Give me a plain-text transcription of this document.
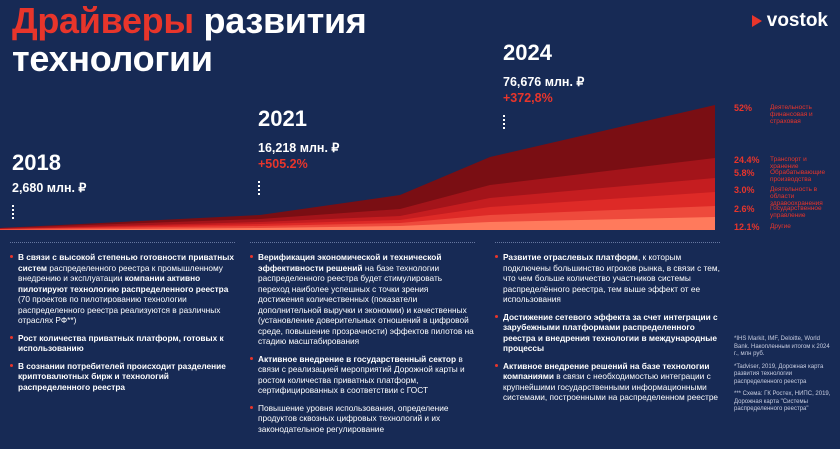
Драйверы развития
технологии
vostok
2018
2,680 млн. ₽
2021
16,218 млн. ₽
+505.2%
2024
76,676 млн. ₽
+372,8%
52%	Деятельность финансовая и страховая
24.4%	Транспорт и хранение
5.8%	Обрабатывающие производства
3.0%	Деятельность в области здравоохранения
2.6%	Государственное управление
12.1%	Другие
В связи с высокой степенью готовности приватных систем распределенного реестра к промышленному внедрению и эксплуатации компании активно пилотируют технологию распределенного реестра (70 проектов по пилотированию технологии распределенного реестра реализуются в различных отраслях РФ**)
Рост количества приватных платформ, готовых к использованию
В сознании потребителей происходит разделение криптовалютных бирж и технологий распределенного реестра
Верификация экономической и технической эффективности решений на базе технологии распределенного реестра будет стимулировать переход наиболее успешных с точки зрения достижения количественных (показатели дополнительной выручки и экономии) и качественных (установление доверительных отношений в цифровой среде, повышение прозрачности) эффектов пилотов на стадию масштабирования
Активное внедрение в государственный сектор в связи с реализацией мероприятий Дорожной карты и ростом количества приватных платформ, сертифицированных в соответствии с ГОСТ
Повышение уровня использования, определение продуктов сквозных цифровых технологий и их законодательное регулирование
Развитие отраслевых платформ, к которым подключены большинство игроков рынка, в связи с тем, что чем больше количество участников системы распределённого реестра, тем выше эффект от ее использования
Достижение сетевого эффекта за счет интеграции с зарубежными платформами распределенного реестра и внедрения технологии в международные процессы
Активное внедрение решений на базе технологии компаниями в связи с необходимостью интеграции с крупнейшими государственными информационными системами, построенными на распределенном реестре

*IHS Markit, IMF, Deloitte, World Bank. Накопленным итогом к 2024 г., млн руб.

*Tadviser, 2019, Дорожная карта развития технологии распределенного реестра

*** Схема: ГК Ростех, НИПС, 2019, Дорожная карта "Системы распределенного реестра"
